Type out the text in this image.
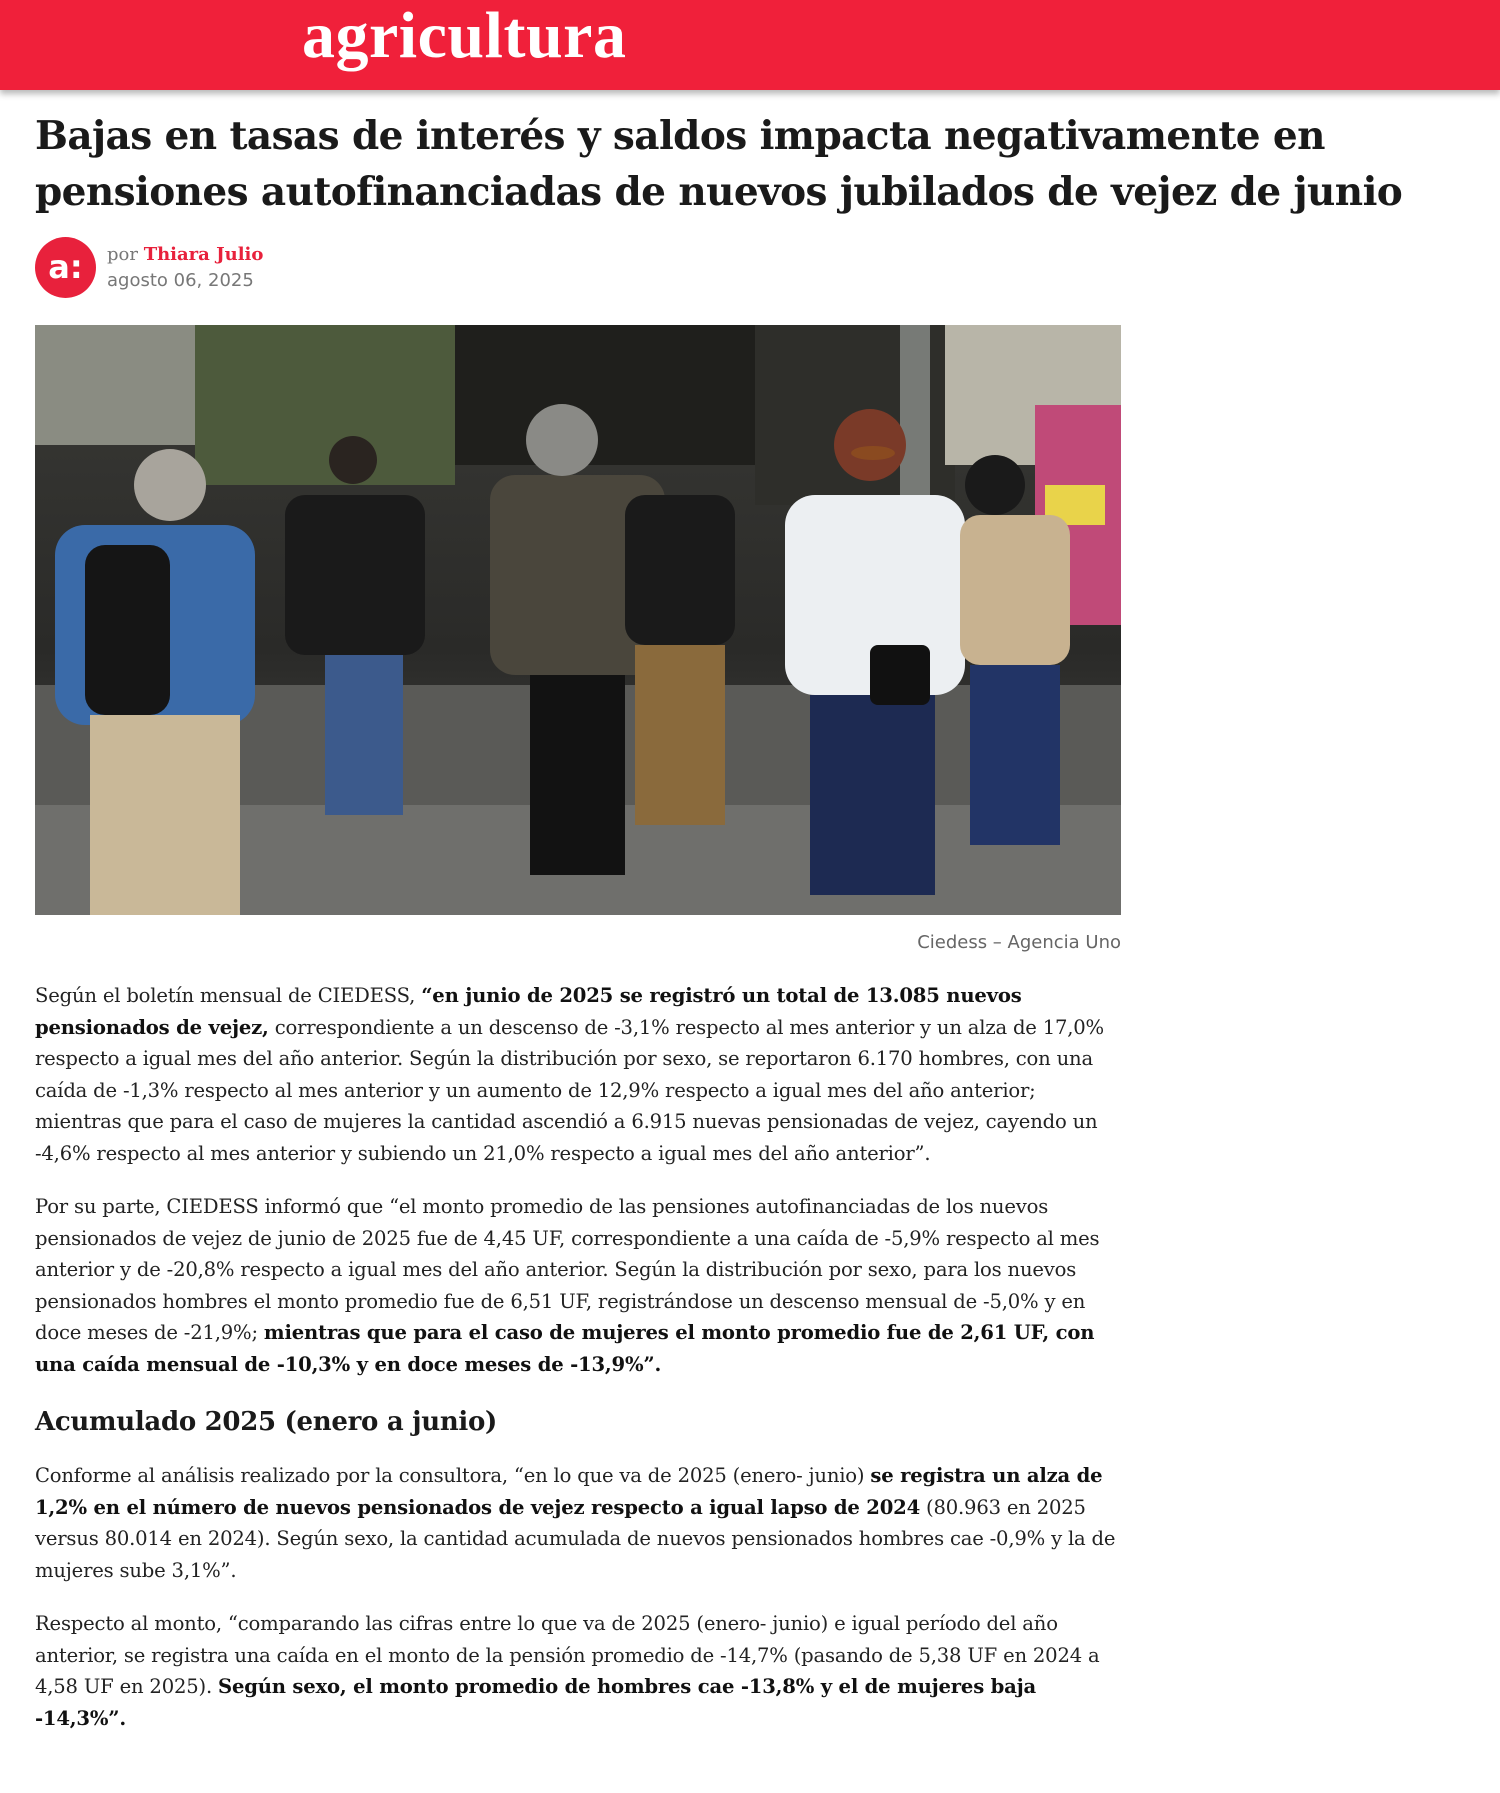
agricultura
Bajas en tasas de interés y saldos impacta negativamente en pensiones autofinanciadas de nuevos jubilados de vejez de junio
a:	por Thiara Julio
agosto 06, 2025
Ciedess – Agencia Uno

Según el boletín mensual de CIEDESS, “en junio de 2025 se registró un total de 13.085 nuevos pensionados de vejez, correspondiente a un descenso de -3,1% respecto al mes anterior y un alza de 17,0% respecto a igual mes del año anterior. Según la distribución por sexo, se reportaron 6.170 hombres, con una caída de -1,3% respecto al mes anterior y un aumento de 12,9% respecto a igual mes del año anterior; mientras que para el caso de mujeres la cantidad ascendió a 6.915 nuevas pensionadas de vejez, cayendo un -4,6% respecto al mes anterior y subiendo un 21,0% respecto a igual mes del año anterior”.

Por su parte, CIEDESS informó que “el monto promedio de las pensiones autofinanciadas de los nuevos pensionados de vejez de junio de 2025 fue de 4,45 UF, correspondiente a una caída de -5,9% respecto al mes anterior y de -20,8% respecto a igual mes del año anterior. Según la distribución por sexo, para los nuevos pensionados hombres el monto promedio fue de 6,51 UF, registrándose un descenso mensual de -5,0% y en doce meses de -21,9%; mientras que para el caso de mujeres el monto promedio fue de 2,61 UF, con una caída mensual de -10,3% y en doce meses de -13,9%”.

Acumulado 2025 (enero a junio)

Conforme al análisis realizado por la consultora, “en lo que va de 2025 (enero- junio) se registra un alza de 1,2% en el número de nuevos pensionados de vejez respecto a igual lapso de 2024 (80.963 en 2025 versus 80.014 en 2024). Según sexo, la cantidad acumulada de nuevos pensionados hombres cae -0,9% y la de mujeres sube 3,1%”.

Respecto al monto, “comparando las cifras entre lo que va de 2025 (enero- junio) e igual período del año anterior, se registra una caída en el monto de la pensión promedio de -14,7% (pasando de 5,38 UF en 2024 a 4,58 UF en 2025). Según sexo, el monto promedio de hombres cae -13,8% y el de mujeres baja -14,3%”.
